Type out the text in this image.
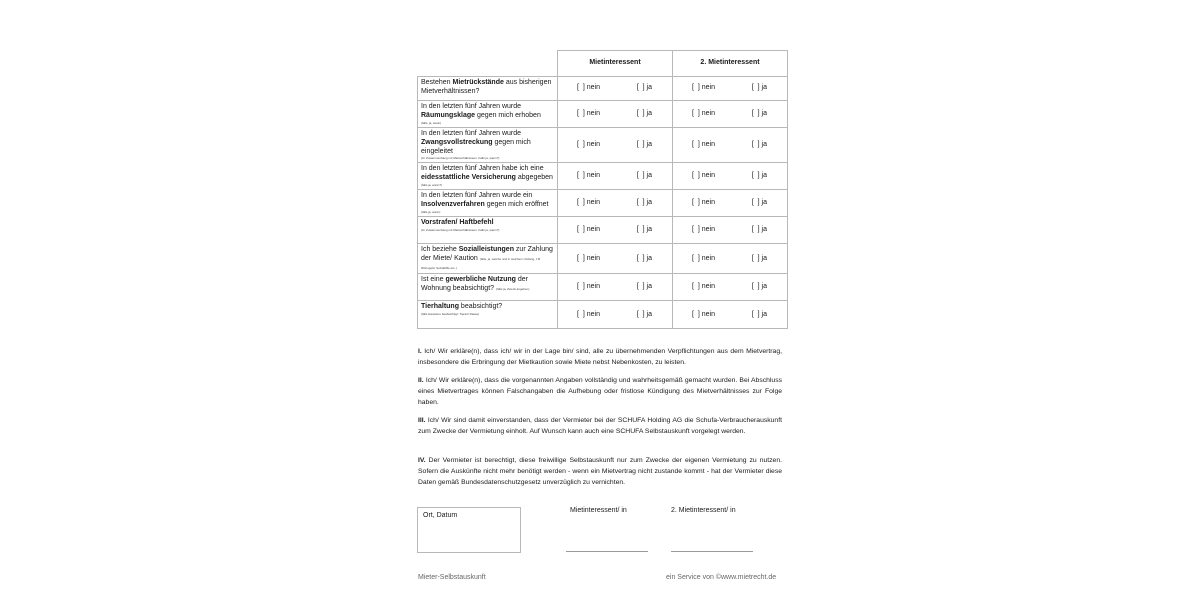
	Mietinteressent	2. Mietinteressent

Bestehen Mietrückstände aus bisherigen Mietverhältnissen?	[  ] nein [  ] ja	[  ] nein [  ] ja

In den letzten fünf Jahren wurde Räumungsklage gegen mich erhoben
(falls, ja, wann)	[  ] nein [  ] ja	[  ] nein [  ] ja

In den letzten fünf Jahren wurde Zwangsvollstreckung gegen mich eingeleitet
(im Zusammenhang mit Mietverhältnissen. Falls ja, wann?)	[  ] nein [  ] ja	[  ] nein [  ] ja

In den letzten fünf Jahren habe ich eine eidesstattliche Versicherung abgegeben
(falls ja, wann?)	[  ] nein [  ] ja	[  ] nein [  ] ja

In den letzten fünf Jahren wurde ein Insolvenzverfahren gegen mich eröffnet
(falls ja, wann)	[  ] nein [  ] ja	[  ] nein [  ] ja

Vorstrafen/ Haftbefehl
(im Zusammenhang mit Mietverhältnissen. Falls ja, wann?)	[  ] nein [  ] ja	[  ] nein [  ] ja

Ich beziehe Sozialleistungen zur Zahlung der Miete/ Kaution (falls, ja, welche und in welchem Umfang, z.B Wohngeld, Sozialhilfe etc. )	[  ] nein [  ] ja	[  ] nein [  ] ja

Ist eine gewerbliche Nutzung der Wohnung beabsichtigt? (falls ja, Zweck angeben)	[  ] nein [  ] ja	[  ] nein [  ] ja

Tierhaltung beabsichtigt?
(falls Haustiere beabsichtigt: Tierart/ Rasse)	[  ] nein [  ] ja	[  ] nein [  ] ja
I. Ich/ Wir erkläre(n), dass ich/ wir in der Lage bin/ sind, alle zu übernehmenden Verpflichtungen aus dem Mietvertrag, insbesondere die Erbringung der Mietkaution sowie Miete nebst Nebenkosten, zu leisten.
II. Ich/ Wir erkläre(n), dass die vorgenannten Angaben vollständig und wahrheitsgemäß gemacht wurden. Bei Abschluss eines Mietvertrages können Falschangaben die Aufhebung oder fristlose Kündigung des Mietverhältnisses zur Folge haben.
III. Ich/ Wir sind damit einverstanden, dass der Vermieter bei der SCHUFA Holding AG die Schufa-Verbraucherauskunft zum Zwecke der Vermietung einholt. Auf Wunsch kann auch eine SCHUFA Selbstauskunft vorgelegt werden.
IV. Der Vermieter ist berechtigt, diese freiwillige Selbstauskunft nur zum Zwecke der eigenen Vermietung zu nutzen. Sofern die Auskünfte nicht mehr benötigt werden - wenn ein Mietvertrag nicht zustande kommt - hat der Vermieter diese Daten gemäß Bundesdatenschutzgesetz unverzüglich zu vernichten.
Ort, Datum
Mietinteressent/ in	2. Mietinteressent/ in
Mieter-Selbstauskunft	ein Service von ©www.mietrecht.de
